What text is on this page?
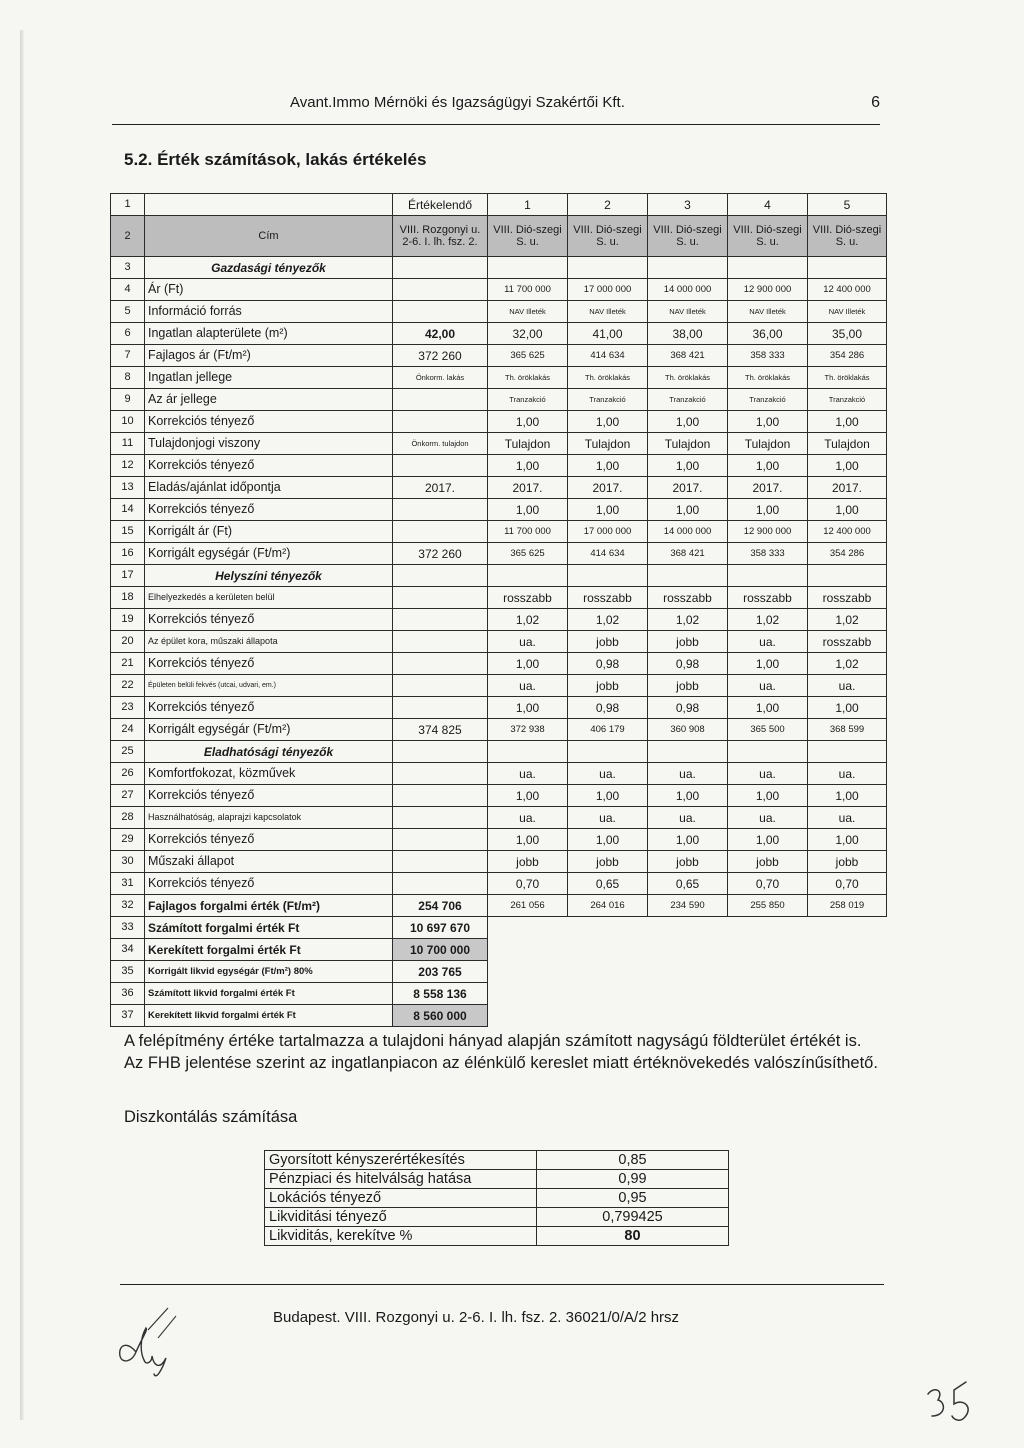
Avant.Immo Mérnöki és Igazságügyi Szakértői Kft.	6
5.2. Érték számítások, lakás értékelés
1		Értékelendő	1	2	3	4	5
2	Cím	VIII. Rozgonyi u. 2-6. I. lh. fsz. 2.	VIII. Dió-szegi S. u.	VIII. Dió-szegi S. u.	VIII. Dió-szegi S. u.	VIII. Dió-szegi S. u.	VIII. Dió-szegi S. u.
3	Gazdasági tényezők						
4	Ár (Ft)		11 700 000	17 000 000	14 000 000	12 900 000	12 400 000
5	Információ forrás		NAV Illeték	NAV Illeték	NAV Illeték	NAV Illeték	NAV Illeték
6	Ingatlan alapterülete (m²)	42,00	32,00	41,00	38,00	36,00	35,00
7	Fajlagos ár (Ft/m²)	372 260	365 625	414 634	368 421	358 333	354 286
8	Ingatlan jellege	Önkorm. lakás	Th. öröklakás	Th. öröklakás	Th. öröklakás	Th. öröklakás	Th. öröklakás
9	Az ár jellege		Tranzakció	Tranzakció	Tranzakció	Tranzakció	Tranzakció
10	Korrekciós tényező		1,00	1,00	1,00	1,00	1,00
11	Tulajdonjogi viszony	Önkorm. tulajdon	Tulajdon	Tulajdon	Tulajdon	Tulajdon	Tulajdon
12	Korrekciós tényező		1,00	1,00	1,00	1,00	1,00
13	Eladás/ajánlat időpontja	2017.	2017.	2017.	2017.	2017.	2017.
14	Korrekciós tényező		1,00	1,00	1,00	1,00	1,00
15	Korrigált ár (Ft)		11 700 000	17 000 000	14 000 000	12 900 000	12 400 000
16	Korrigált egységár (Ft/m²)	372 260	365 625	414 634	368 421	358 333	354 286
17	Helyszíni tényezők						
18	Elhelyezkedés a kerületen belül		rosszabb	rosszabb	rosszabb	rosszabb	rosszabb
19	Korrekciós tényező		1,02	1,02	1,02	1,02	1,02
20	Az épület kora, műszaki állapota		ua.	jobb	jobb	ua.	rosszabb
21	Korrekciós tényező		1,00	0,98	0,98	1,00	1,02
22	Épületen belüli fekvés (utcai, udvari, em.)		ua.	jobb	jobb	ua.	ua.
23	Korrekciós tényező		1,00	0,98	0,98	1,00	1,00
24	Korrigált egységár (Ft/m²)	374 825	372 938	406 179	360 908	365 500	368 599
25	Eladhatósági tényezők						
26	Komfortfokozat, közművek		ua.	ua.	ua.	ua.	ua.
27	Korrekciós tényező		1,00	1,00	1,00	1,00	1,00
28	Használhatóság, alaprajzi kapcsolatok		ua.	ua.	ua.	ua.	ua.
29	Korrekciós tényező		1,00	1,00	1,00	1,00	1,00
30	Műszaki állapot		jobb	jobb	jobb	jobb	jobb
31	Korrekciós tényező		0,70	0,65	0,65	0,70	0,70
32	Fajlagos forgalmi érték (Ft/m²)	254 706	261 056	264 016	234 590	255 850	258 019
33	Számított forgalmi érték Ft	10 697 670					
34	Kerekített forgalmi érték Ft	10 700 000					
35	Korrigált likvid egységár (Ft/m²) 80%	203 765					
36	Számított likvid forgalmi érték Ft	8 558 136					
37	Kerekített likvid forgalmi érték Ft	8 560 000					
A felépítmény értéke tartalmazza a tulajdoni hányad alapján számított nagyságú földterület értékét is. Az FHB jelentése szerint az ingatlanpiacon az élénkülő kereslet miatt értéknövekedés valószínűsíthető.
Diszkontálás számítása
Gyorsított kényszerértékesítés	0,85
Pénzpiaci és hitelválság hatása	0,99
Lokációs tényező	0,95
Likviditási tényező	0,799425
Likviditás, kerekítve %	80
Budapest. VIII. Rozgonyi u. 2-6. I. lh. fsz. 2. 36021/0/A/2 hrsz
